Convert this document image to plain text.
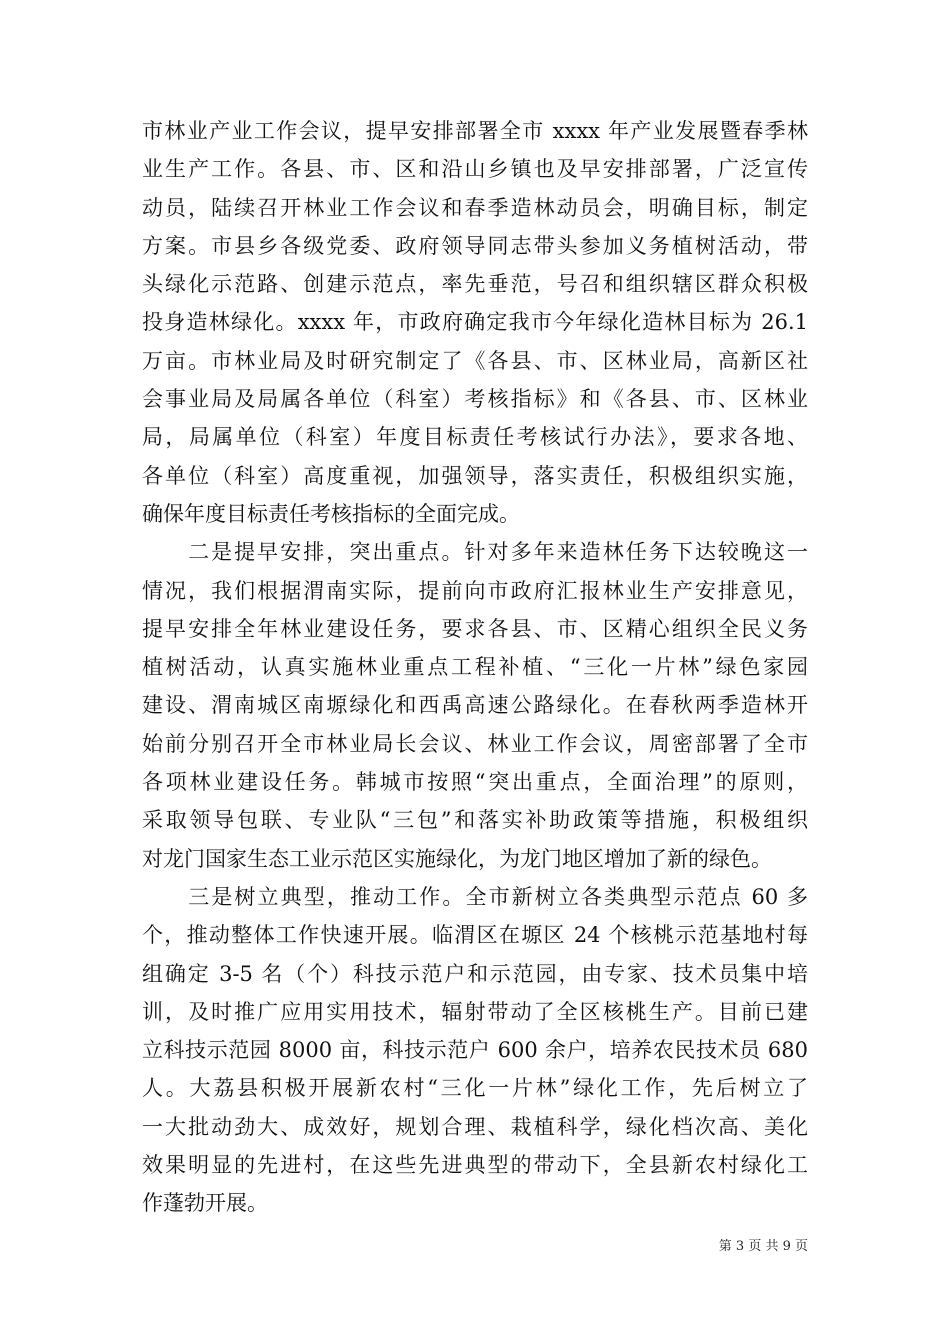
市林业产业工作会议，提早安排部署全市 xxxx 年产业发展暨春季林
业生产工作。各县、市、区和沿山乡镇也及早安排部署，广泛宣传
动员，陆续召开林业工作会议和春季造林动员会，明确目标，制定
方案。市县乡各级党委、政府领导同志带头参加义务植树活动，带
头绿化示范路、创建示范点，率先垂范，号召和组织辖区群众积极
投身造林绿化。xxxx 年，市政府确定我市今年绿化造林目标为 26.1
万亩。市林业局及时研究制定了《各县、市、区林业局，高新区社
会事业局及局属各单位（科室）考核指标》和《各县、市、区林业
局，局属单位（科室）年度目标责任考核试行办法》，要求各地、
各单位（科室）高度重视，加强领导，落实责任，积极组织实施，
确保年度目标责任考核指标的全面完成。
　　二是提早安排，突出重点。针对多年来造林任务下达较晚这一
情况，我们根据渭南实际，提前向市政府汇报林业生产安排意见，
提早安排全年林业建设任务，要求各县、市、区精心组织全民义务
植树活动，认真实施林业重点工程补植、“三化一片林”绿色家园
建设、渭南城区南塬绿化和西禹高速公路绿化。在春秋两季造林开
始前分别召开全市林业局长会议、林业工作会议，周密部署了全市
各项林业建设任务。韩城市按照“突出重点，全面治理”的原则，
采取领导包联、专业队“三包”和落实补助政策等措施，积极组织
对龙门国家生态工业示范区实施绿化，为龙门地区增加了新的绿色。
　　三是树立典型，推动工作。全市新树立各类典型示范点 60 多
个，推动整体工作快速开展。临渭区在塬区 24 个核桃示范基地村每
组确定 3-5 名（个）科技示范户和示范园，由专家、技术员集中培
训，及时推广应用实用技术，辐射带动了全区核桃生产。目前已建
立科技示范园 8000 亩，科技示范户 600 余户，培养农民技术员 680
人。大荔县积极开展新农村“三化一片林”绿化工作，先后树立了
一大批动劲大、成效好，规划合理、栽植科学，绿化档次高、美化
效果明显的先进村，在这些先进典型的带动下，全县新农村绿化工
作蓬勃开展。
第 3 页 共 9 页
